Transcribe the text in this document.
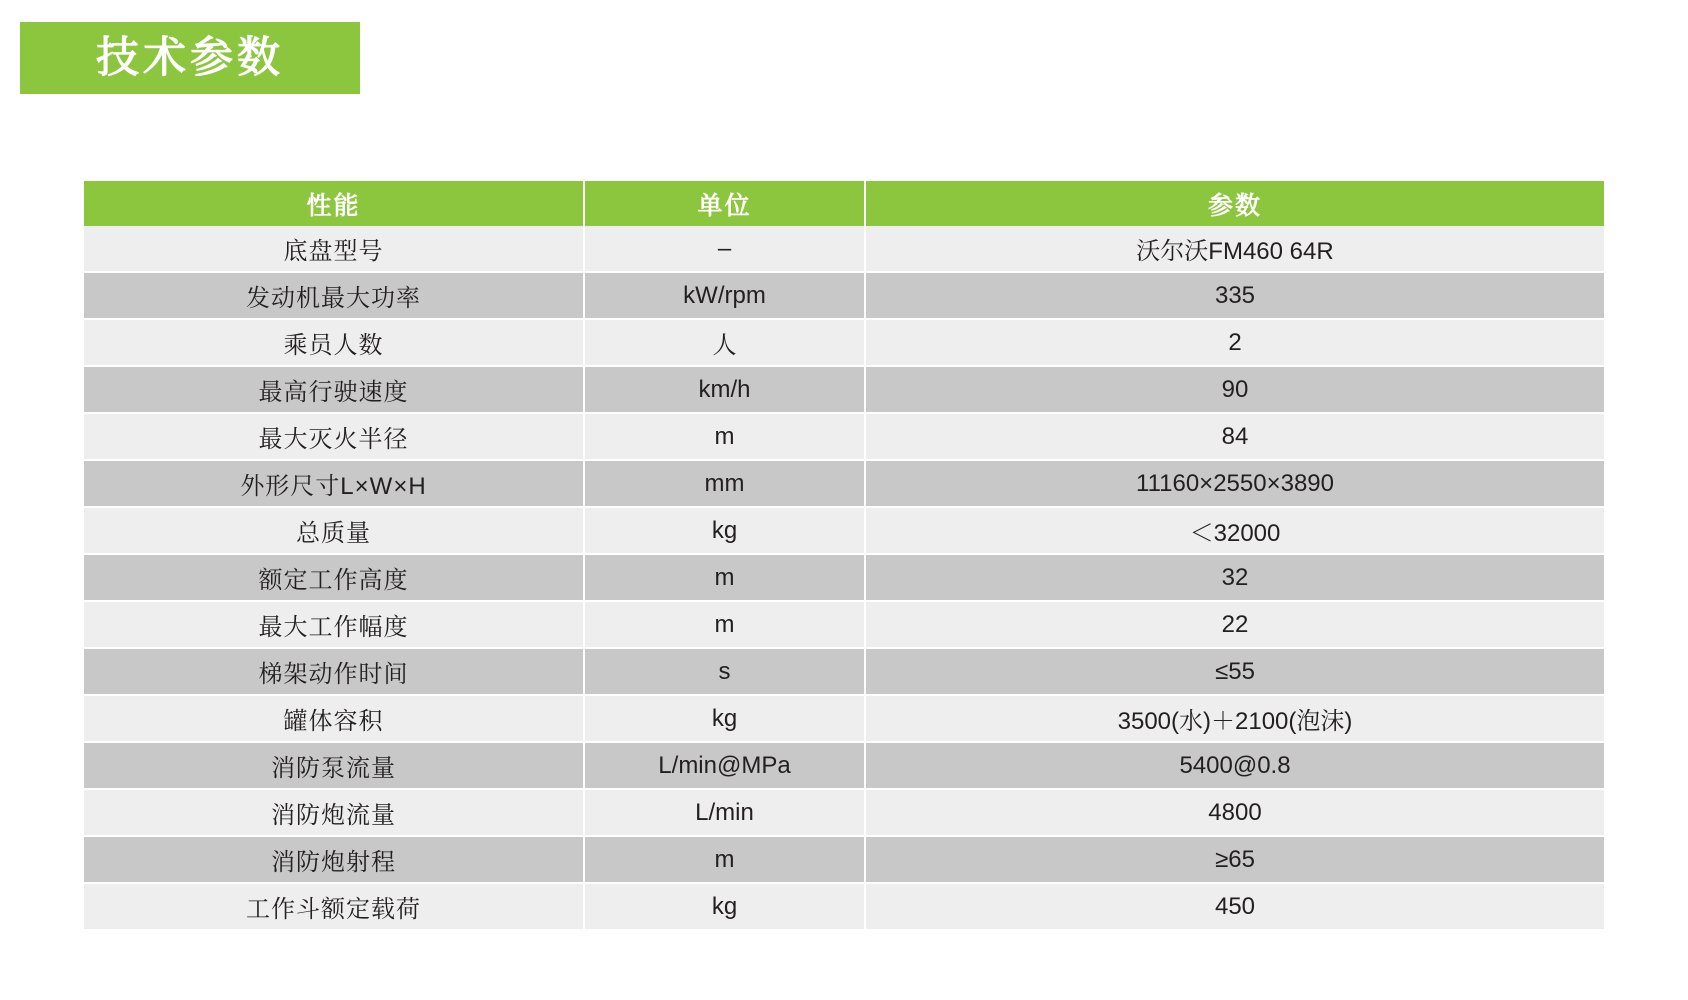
技术参数
性能	单位	参数
底盘型号	–	沃尔沃FM460 64R
发动机最大功率	kW/rpm	335
乘员人数	人	2
最高行驶速度	km/h	90
最大灭火半径	m	84
外形尺寸L×W×H	mm	11160×2550×3890
总质量	kg	＜32000
额定工作高度	m	32
最大工作幅度	m	22
梯架动作时间	s	≤55
罐体容积	kg	3500(水)＋2100(泡沫)
消防泵流量	L/min@MPa	5400@0.8
消防炮流量	L/min	4800
消防炮射程	m	≥65
工作斗额定载荷	kg	450
